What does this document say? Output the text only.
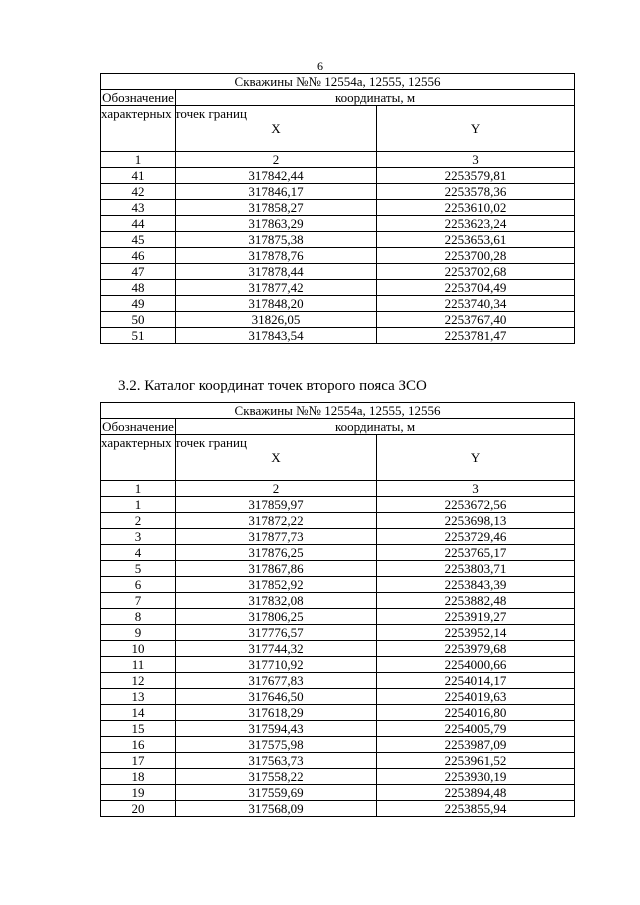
6
Скважины №№ 12554а, 12555, 12556		
Обозначение	координаты, м	
характерных точек границ	X	Y
1	2	3
41	317842,44	2253579,81
42	317846,17	2253578,36
43	317858,27	2253610,02
44	317863,29	2253623,24
45	317875,38	2253653,61
46	317878,76	2253700,28
47	317878,44	2253702,68
48	317877,42	2253704,49
49	317848,20	2253740,34
50	31826,05	2253767,40
51	317843,54	2253781,47
3.2. Каталог координат точек второго пояса ЗСО
Скважины №№ 12554а, 12555, 12556		
Обозначение	координаты, м	
характерных точек границ	X	Y
1	2	3
1	317859,97	2253672,56
2	317872,22	2253698,13
3	317877,73	2253729,46
4	317876,25	2253765,17
5	317867,86	2253803,71
6	317852,92	2253843,39
7	317832,08	2253882,48
8	317806,25	2253919,27
9	317776,57	2253952,14
10	317744,32	2253979,68
11	317710,92	2254000,66
12	317677,83	2254014,17
13	317646,50	2254019,63
14	317618,29	2254016,80
15	317594,43	2254005,79
16	317575,98	2253987,09
17	317563,73	2253961,52
18	317558,22	2253930,19
19	317559,69	2253894,48
20	317568,09	2253855,94
